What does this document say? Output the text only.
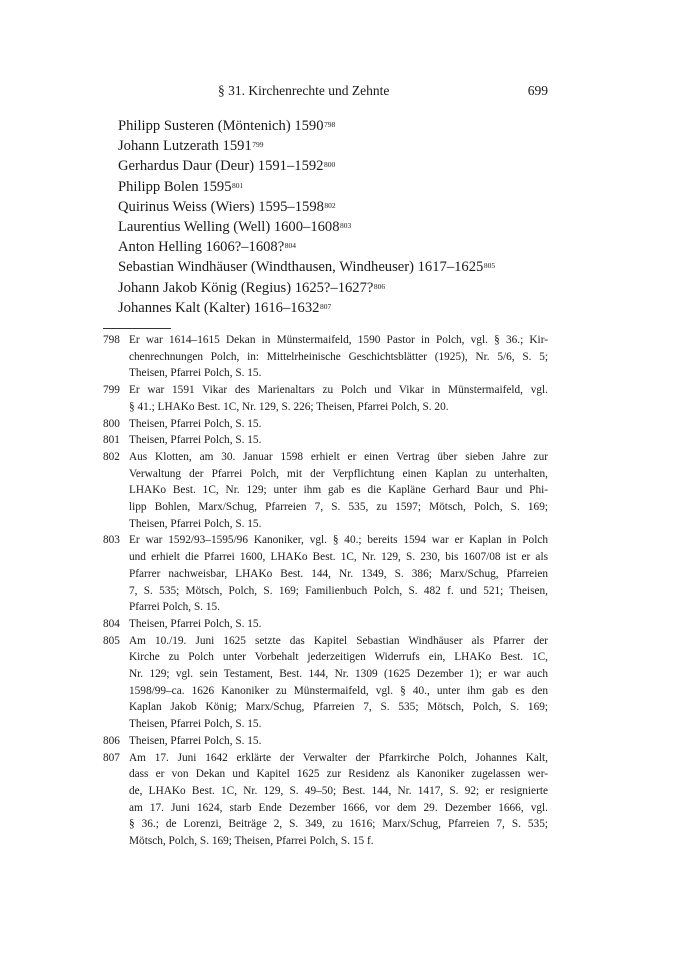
§ 31. Kirchenrechte und Zehnte	699
Philipp Susteren (Möntenich) 1590$^{798}$
Johann Lutzerath 1591$^{799}$
Gerhardus Daur (Deur) 1591–1592$^{800}$
Philipp Bolen 1595$^{801}$
Quirinus Weiss (Wiers) 1595–1598$^{802}$
Laurentius Welling (Well) 1600–1608$^{803}$
Anton Helling 1606?–1608?$^{804}$
Sebastian Windhäuser (Windthausen, Windheuser) 1617–1625$^{805}$
Johann Jakob König (Regius) 1625?–1627?$^{806}$
Johannes Kalt (Kalter) 1616–1632$^{807}$
798 Er war 1614–1615 Dekan in Münstermaifeld, 1590 Pastor in Polch, vgl. § 36.; Kir-
chenrechnungen Polch, in: Mittelrheinische Geschichtsblätter (1925), Nr. 5/6, S. 5;
Theisen, Pfarrei Polch, S. 15.
799 Er war 1591 Vikar des Marienaltars zu Polch und Vikar in Münstermaifeld, vgl.
§ 41.; LHAKo Best. 1C, Nr. 129, S. 226; Theisen, Pfarrei Polch, S. 20.
800 Theisen, Pfarrei Polch, S. 15.
801 Theisen, Pfarrei Polch, S. 15.
802 Aus Klotten, am 30. Januar 1598 erhielt er einen Vertrag über sieben Jahre zur
Verwaltung der Pfarrei Polch, mit der Verpflichtung einen Kaplan zu unterhalten,
LHAKo Best. 1C, Nr. 129; unter ihm gab es die Kapläne Gerhard Baur und Phi-
lipp Bohlen, Marx/Schug, Pfarreien 7, S. 535, zu 1597; Mötsch, Polch, S. 169;
Theisen, Pfarrei Polch, S. 15.
803 Er war 1592/93–1595/96 Kanoniker, vgl. § 40.; bereits 1594 war er Kaplan in Polch
und erhielt die Pfarrei 1600, LHAKo Best. 1C, Nr. 129, S. 230, bis 1607/08 ist er als
Pfarrer nachweisbar, LHAKo Best. 144, Nr. 1349, S. 386; Marx/Schug, Pfarreien
7, S. 535; Mötsch, Polch, S. 169; Familienbuch Polch, S. 482 f. und 521; Theisen,
Pfarrei Polch, S. 15.
804 Theisen, Pfarrei Polch, S. 15.
805 Am 10./19. Juni 1625 setzte das Kapitel Sebastian Windhäuser als Pfarrer der
Kirche zu Polch unter Vorbehalt jederzeitigen Widerrufs ein, LHAKo Best. 1C,
Nr. 129; vgl. sein Testament, Best. 144, Nr. 1309 (1625 Dezember 1); er war auch
1598/99–ca. 1626 Kanoniker zu Münstermaifeld, vgl. § 40., unter ihm gab es den
Kaplan Jakob König; Marx/Schug, Pfarreien 7, S. 535; Mötsch, Polch, S. 169;
Theisen, Pfarrei Polch, S. 15.
806 Theisen, Pfarrei Polch, S. 15.
807 Am 17. Juni 1642 erklärte der Verwalter der Pfarrkirche Polch, Johannes Kalt,
dass er von Dekan und Kapitel 1625 zur Residenz als Kanoniker zugelassen wer-
de, LHAKo Best. 1C, Nr. 129, S. 49–50; Best. 144, Nr. 1417, S. 92; er resignierte
am 17. Juni 1624, starb Ende Dezember 1666, vor dem 29. Dezember 1666, vgl.
§ 36.; de Lorenzi, Beiträge 2, S. 349, zu 1616; Marx/Schug, Pfarreien 7, S. 535;
Mötsch, Polch, S. 169; Theisen, Pfarrei Polch, S. 15 f.
